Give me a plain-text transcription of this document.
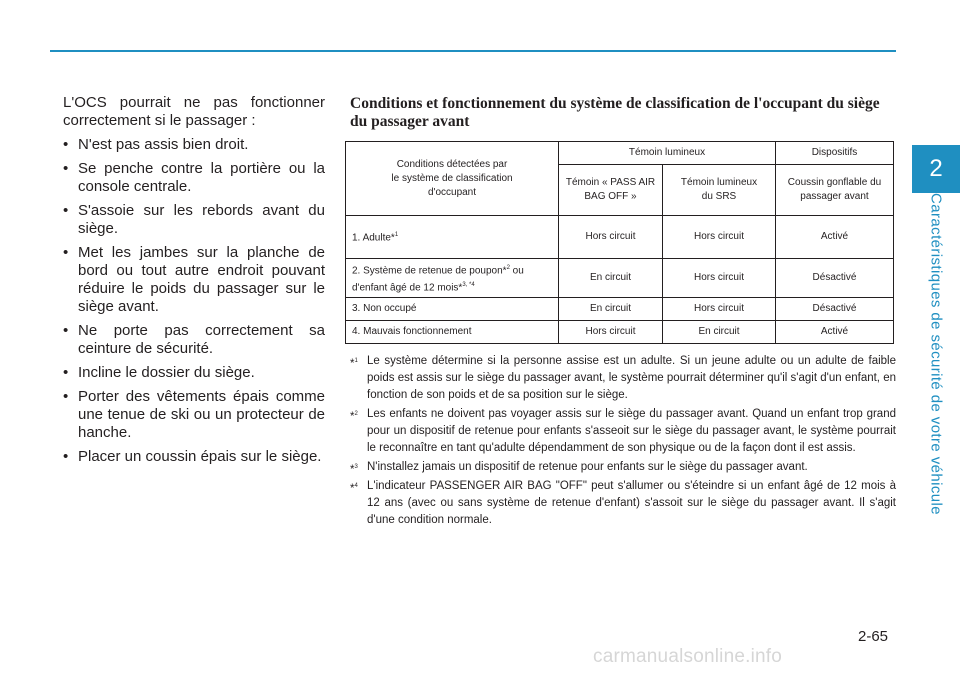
2
Caractéristiques de sécurité de votre véhicule

L'OCS pourrait ne pas fonctionner correctement si le passager :

• N'est pas assis bien droit.
• Se penche contre la portière ou la console centrale.
• S'assoie sur les rebords avant du siège.
• Met les jambes sur la planche de bord ou tout autre endroit pouvant réduire le poids du passager sur le siège avant.
• Ne porte pas correctement sa ceinture de sécurité.
• Incline le dossier du siège.
• Porter des vêtements épais comme une tenue de ski ou un protecteur de hanche.
• Placer un coussin épais sur le siège.
Conditions et fonctionnement du système de classification de l'occupant du siège du passager avant
Conditions détectées par
le système de classification
d'occupant	Témoin lumineux		Dispositifs
	Témoin « PASS AIR
BAG OFF »	Témoin lumineux
du SRS	Coussin gonflable du
passager avant
1. Adulte*$^1$	Hors circuit	Hors circuit	Activé
2. Système de retenue de poupon*$^2$ ou
d'enfant âgé de 12 mois*$^{3, *4}$	En circuit	Hors circuit	Désactivé
3. Non occupé	En circuit	Hors circuit	Désactivé
4. Mauvais fonctionnement	Hors circuit	En circuit	Activé
*$^1$ Le système détermine si la personne assise est un adulte. Si un jeune adulte ou un adulte de faible poids est assis sur le siège du passager avant, le système pourrait déterminer qu'il s'agit d'un enfant, en fonction de son poids et de sa position sur le siège.
*$^2$ Les enfants ne doivent pas voyager assis sur le siège du passager avant. Quand un enfant trop grand pour un dispositif de retenue pour enfants s'asseoit sur le siège du passager avant, le système pourrait le reconnaître en tant qu'adulte dépendamment de son physique ou de la façon dont il est assis.
*$^3$ N'installez jamais un dispositif de retenue pour enfants sur le siège du passager avant.
*$^4$ L'indicateur PASSENGER AIR BAG "OFF" peut s'allumer ou s'éteindre si un enfant âgé de 12 mois à 12 ans (avec ou sans système de retenue d'enfant) s'assoit sur le siège du passager avant. Il s'agit d'une condition normale.
2-65
carmanualsonline.info
